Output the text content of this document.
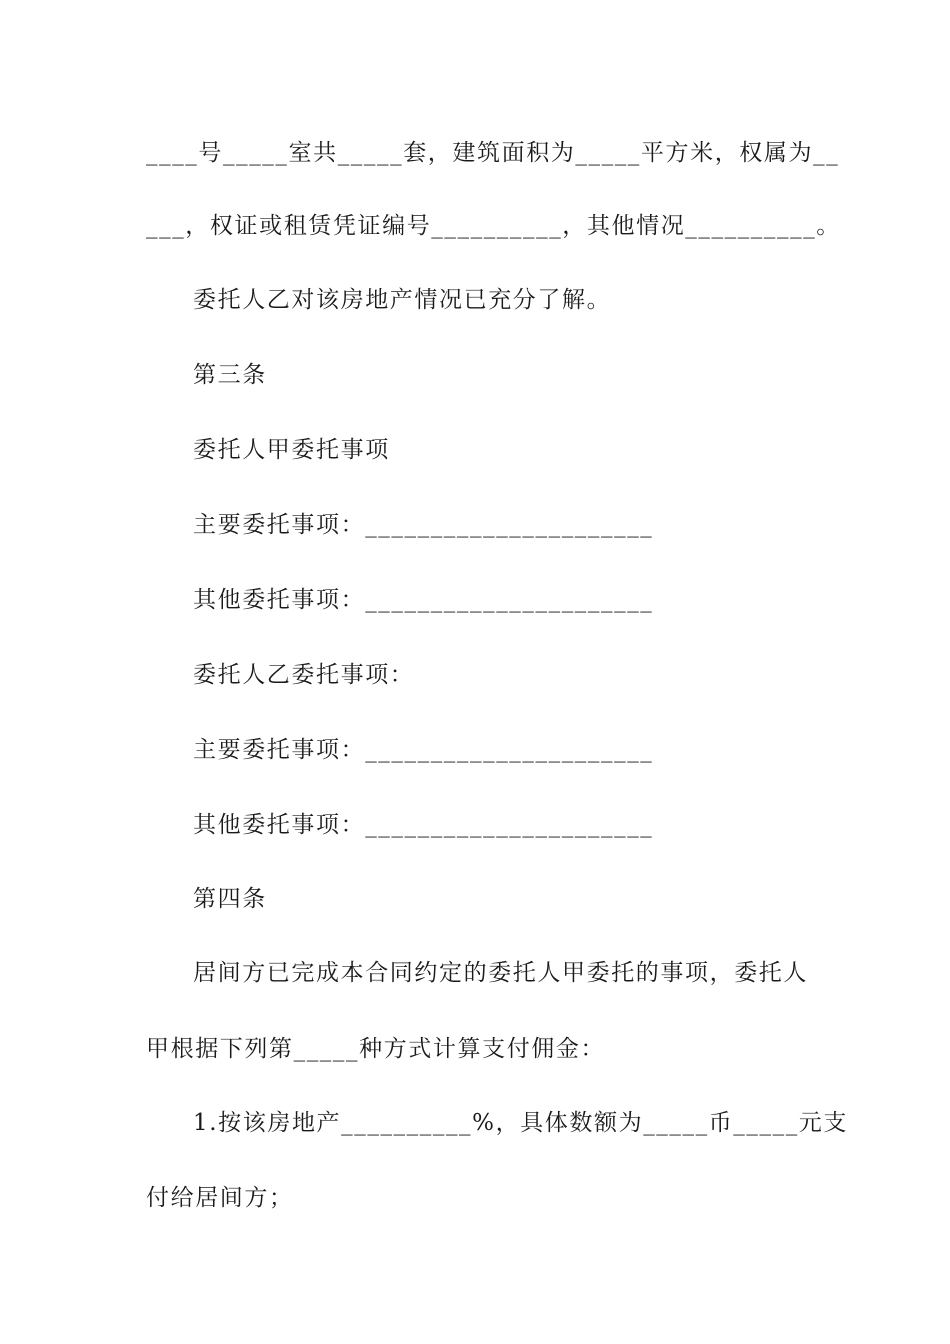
____号_____室共_____套，建筑面积为_____平方米，权属为__
___，权证或租赁凭证编号__________，其他情况__________。
委托人乙对该房地产情况已充分了解。
第三条
委托人甲委托事项
主要委托事项：______________________
其他委托事项：______________________
委托人乙委托事项：
主要委托事项：______________________
其他委托事项：______________________
第四条
居间方已完成本合同约定的委托人甲委托的事项，委托人
甲根据下列第_____种方式计算支付佣金：
1.按该房地产__________%，具体数额为_____币_____元支
付给居间方；
